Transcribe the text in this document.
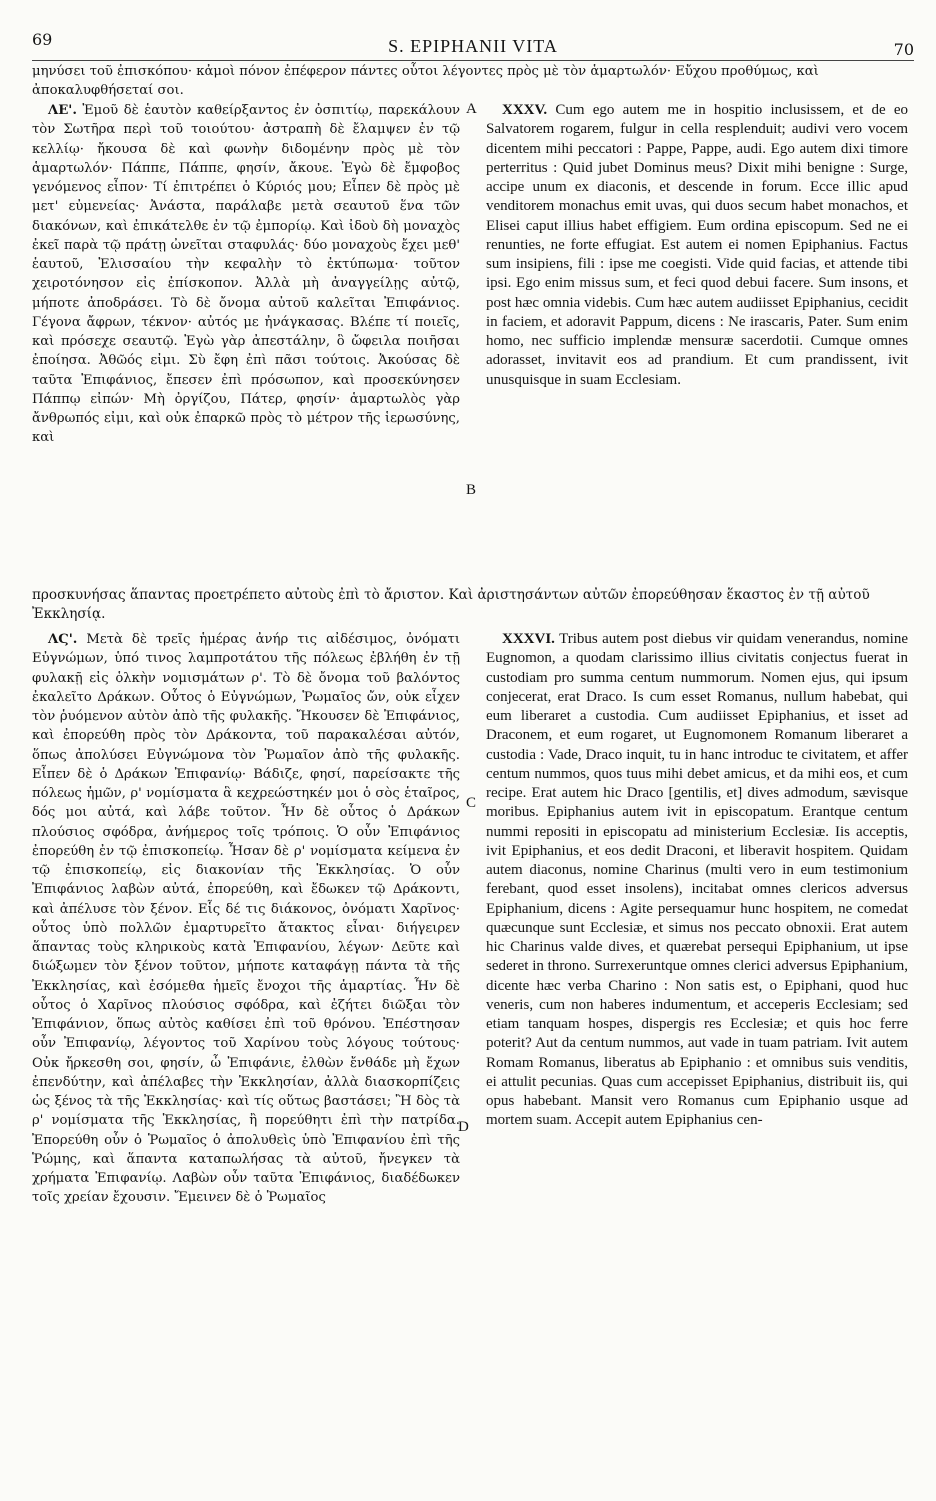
69	S. EPIPHANII VITA	70

μηνύσει τοῦ ἐπισκόπου· κἀμοὶ πόνον ἐπέφερον πάντες οὗτοι λέγοντες πρὸς μὲ τὸν ἁμαρτωλόν· Εὔχου προθύμως, καὶ ἀποκαλυφθήσεταί σοι.

ΛΕ'. Ἐμοῦ δὲ ἑαυτὸν καθείρξαντος ἐν ὀσπιτίῳ, παρεκάλουν τὸν Σωτῆρα περὶ τοῦ τοιούτου· ἀστραπὴ δὲ ἔλαμψεν ἐν τῷ κελλίῳ· ἤκουσα δὲ καὶ φωνὴν διδομένην πρὸς μὲ τὸν ἁμαρτωλόν· Πάππε, Πάππε, φησίν, ἄκουε. Ἐγὼ δὲ ἔμφοβος γενόμενος εἶπον· Τί ἐπιτρέπει ὁ Κύριός μου; Εἶπεν δὲ πρὸς μὲ μετ' εὐμενείας· Ἀνάστα, παράλαβε μετὰ σεαυτοῦ ἕνα τῶν διακόνων, καὶ ἐπικάτελθε ἐν τῷ ἐμπορίῳ. Καὶ ἰδοὺ δὴ μοναχὸς ἐκεῖ παρὰ τῷ πράτῃ ὠνεῖται σταφυλάς· δύο μοναχοὺς ἔχει μεθ' ἑαυτοῦ, Ἐλισσαίου τὴν κεφαλὴν τὸ ἐκτύπωμα· τοῦτον χειροτόνησον εἰς ἐπίσκοπον. Ἀλλὰ μὴ ἀναγγείλῃς αὐτῷ, μήποτε ἀποδράσει. Τὸ δὲ ὄνομα αὐτοῦ καλεῖται Ἐπιφάνιος. Γέγονα ἄφρων, τέκνον· αὐτός με ἠνάγκασας. Βλέπε τί ποιεῖς, καὶ πρόσεχε σεαυτῷ. Ἐγὼ γὰρ ἀπεστάλην, ὃ ὤφειλα ποιῆσαι ἐποίησα. Ἀθῶός εἰμι. Σὺ ἔφη ἐπὶ πᾶσι τούτοις. Ἀκούσας δὲ ταῦτα Ἐπιφάνιος, ἔπεσεν ἐπὶ πρόσωπον, καὶ προσεκύνησεν Πάππῳ εἰπών· Μὴ ὀργίζου, Πάτερ, φησίν· ἁμαρτωλὸς γὰρ ἄνθρωπός εἰμι, καὶ οὐκ ἐπαρκῶ πρὸς τὸ μέτρον τῆς ἱερωσύνης, καὶ

A
B

XXXV. Cum ego autem me in hospitio inclusissem, et de eo Salvatorem rogarem, fulgur in cella resplenduit; audivi vero vocem dicentem mihi peccatori : Pappe, Pappe, audi. Ego autem dixi timore perterritus : Quid jubet Dominus meus? Dixit mihi benigne : Surge, accipe unum ex diaconis, et descende in forum. Ecce illic apud venditorem monachus emit uvas, qui duos secum habet monachos, et Elisei caput illius habet effigiem. Eum ordina episcopum. Sed ne ei renunties, ne forte effugiat. Est autem ei nomen Epiphanius. Factus sum insipiens, fili : ipse me coegisti. Vide quid facias, et attende tibi ipsi. Ego enim missus sum, et feci quod debui facere. Sum insons, et post hæc omnia videbis. Cum hæc autem audiisset Epiphanius, cecidit in faciem, et adoravit Pappum, dicens : Ne irascaris, Pater. Sum enim homo, nec sufficio implendæ mensuræ sacerdotii. Cumque omnes adorasset, invitavit eos ad prandium. Et cum prandissent, ivit unusquisque in suam Ecclesiam.

προσκυνήσας ἅπαντας προετρέπετο αὐτοὺς ἐπὶ τὸ ἄριστον. Καὶ ἀριστησάντων αὐτῶν ἐπορεύθησαν ἕκαστος ἐν τῇ αὐτοῦ Ἐκκλησίᾳ.

ΛϚ'. Μετὰ δὲ τρεῖς ἡμέρας ἀνήρ τις αἰδέσιμος, ὀνόματι Εὐγνώμων, ὑπό τινος λαμπροτάτου τῆς πόλεως ἐβλήθη ἐν τῇ φυλακῇ εἰς ὁλκὴν νομισμάτων ρ'. Τὸ δὲ ὄνομα τοῦ βαλόντος ἐκαλεῖτο Δράκων. Οὗτος ὁ Εὐγνώμων, Ῥωμαῖος ὤν, οὐκ εἶχεν τὸν ῥυόμενον αὐτὸν ἀπὸ τῆς φυλακῆς. Ἤκουσεν δὲ Ἐπιφάνιος, καὶ ἐπορεύθη πρὸς τὸν Δράκοντα, τοῦ παρακαλέσαι αὐτόν, ὅπως ἀπολύσει Εὐγνώμονα τὸν Ῥωμαῖον ἀπὸ τῆς φυλακῆς. Εἶπεν δὲ ὁ Δράκων Ἐπιφανίῳ· Βάδιζε, φησί, παρείσακτε τῆς πόλεως ἡμῶν, ρ' νομίσματα ἃ κεχρεώστηκέν μοι ὁ σὸς ἑταῖρος, δός μοι αὐτά, καὶ λάβε τοῦτον. Ἦν δὲ οὗτος ὁ Δράκων πλούσιος σφόδρα, ἀνήμερος τοῖς τρόποις. Ὁ οὖν Ἐπιφάνιος ἐπορεύθη ἐν τῷ ἐπισκοπείῳ. Ἦσαν δὲ ρ' νομίσματα κείμενα ἐν τῷ ἐπισκοπείῳ, εἰς διακονίαν τῆς Ἐκκλησίας. Ὁ οὖν Ἐπιφάνιος λαβὼν αὐτά, ἐπορεύθη, καὶ ἔδωκεν τῷ Δράκοντι, καὶ ἀπέλυσε τὸν ξένον. Εἷς δέ τις διάκονος, ὀνόματι Χαρῖνος· οὗτος ὑπὸ πολλῶν ἐμαρτυρεῖτο ἄτακτος εἶναι· διήγειρεν ἅπαντας τοὺς κληρικοὺς κατὰ Ἐπιφανίου, λέγων· Δεῦτε καὶ διώξωμεν τὸν ξένον τοῦτον, μήποτε καταφάγῃ πάντα τὰ τῆς Ἐκκλησίας, καὶ ἐσόμεθα ἡμεῖς ἔνοχοι τῆς ἁμαρτίας. Ἦν δὲ οὗτος ὁ Χαρῖνος πλούσιος σφόδρα, καὶ ἐζήτει διῶξαι τὸν Ἐπιφάνιον, ὅπως αὐτὸς καθίσει ἐπὶ τοῦ θρόνου. Ἐπέστησαν οὖν Ἐπιφανίῳ, λέγοντος τοῦ Χαρίνου τοὺς λόγους τούτους· Οὐκ ἤρκεσθη σοι, φησίν, ὦ Ἐπιφάνιε, ἐλθὼν ἔνθάδε μὴ ἔχων ἐπενδύτην, καὶ ἀπέλαβες τὴν Ἐκκλησίαν, ἀλλὰ διασκορπίζεις ὡς ξένος τὰ τῆς Ἐκκλησίας· καὶ τίς οὕτως βαστάσει; Ἢ δὸς τὰ ρ' νομίσματα τῆς Ἐκκλησίας, ἢ πορεύθητι ἐπὶ τὴν πατρίδα. Ἐπορεύθη οὖν ὁ Ῥωμαῖος ὁ ἀπολυθεὶς ὑπὸ Ἐπιφανίου ἐπὶ τῆς Ῥώμης, καὶ ἅπαντα καταπωλήσας τὰ αὐτοῦ, ἤνεγκεν τὰ χρήματα Ἐπιφανίῳ. Λαβὼν οὖν ταῦτα Ἐπιφάνιος, διαδέδωκεν τοῖς χρείαν ἔχουσιν. Ἔμεινεν δὲ ὁ Ῥωμαῖος

C
D

XXXVI. Tribus autem post diebus vir quidam venerandus, nomine Eugnomon, a quodam clarissimo illius civitatis conjectus fuerat in custodiam pro summa centum nummorum. Nomen ejus, qui ipsum conjecerat, erat Draco. Is cum esset Romanus, nullum habebat, qui eum liberaret a custodia. Cum audiisset Epiphanius, et isset ad Draconem, et eum rogaret, ut Eugnomonem Romanum liberaret a custodia : Vade, Draco inquit, tu in hanc introduc te civitatem, et affer centum nummos, quos tuus mihi debet amicus, et da mihi eos, et cum recipe. Erat autem hic Draco [gentilis, et] dives admodum, sævisque moribus. Epiphanius autem ivit in episcopatum. Erantque centum nummi repositi in episcopatu ad ministerium Ecclesiæ. Iis acceptis, ivit Epiphanius, et eos dedit Draconi, et liberavit hospitem. Quidam autem diaconus, nomine Charinus (multi vero in eum testimonium ferebant, quod esset insolens), incitabat omnes clericos adversus Epiphanium, dicens : Agite persequamur hunc hospitem, ne comedat quæcunque sunt Ecclesiæ, et simus nos peccato obnoxii. Erat autem hic Charinus valde dives, et quærebat persequi Epiphanium, ut ipse sederet in throno. Surrexeruntque omnes clerici adversus Epiphanium, dicente hæc verba Charino : Non satis est, o Epiphani, quod huc veneris, cum non haberes indumentum, et acceperis Ecclesiam; sed etiam tanquam hospes, dispergis res Ecclesiæ; et quis hoc ferre poterit? Aut da centum nummos, aut vade in tuam patriam. Ivit autem Romam Romanus, liberatus ab Epiphanio : et omnibus suis venditis, ei attulit pecunias. Quas cum accepisset Epiphanius, distribuit iis, qui opus habebant. Mansit vero Romanus cum Epiphanio usque ad mortem suam. Accepit autem Epiphanius cen-
